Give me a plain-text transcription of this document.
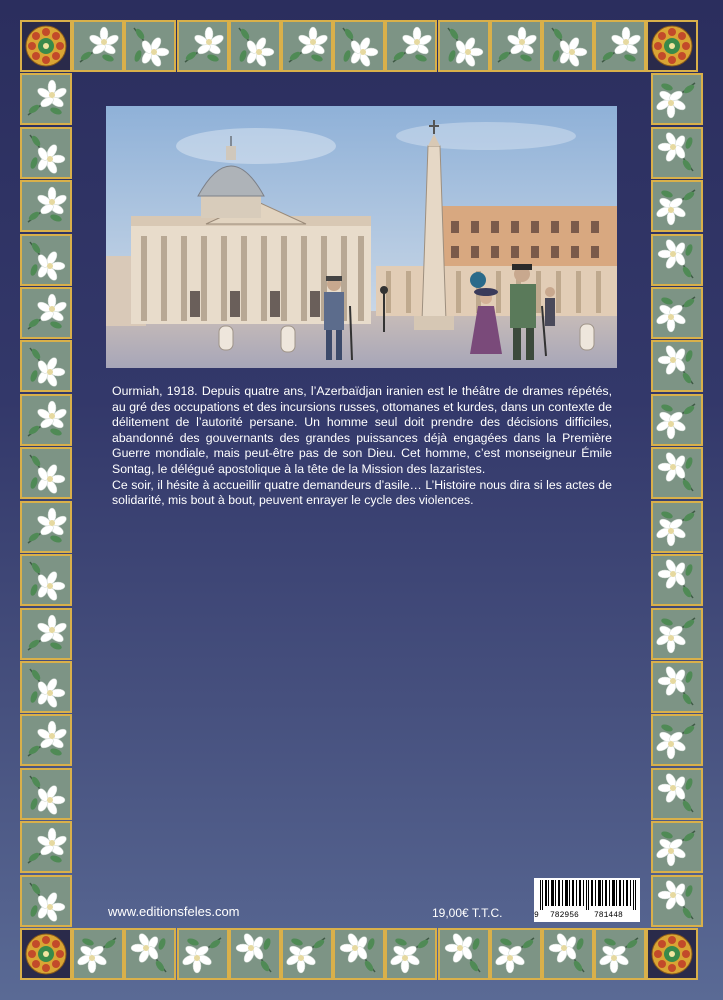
Ourmiah, 1918. Depuis quatre ans, l’Azerbaïdjan iranien est le théâtre de drames répétés, au gré des occupations et des incursions russes, ottomanes et kurdes, dans un contexte de délitement de l’autorité persane. Un homme seul doit prendre des décisions difficiles, abandonné des gouvernants des grandes puissances déjà engagées dans la Première Guerre mondiale, mais peut-être pas de son Dieu. Cet homme, c’est monseigneur Émile Sontag, le délégué apostolique à la tête de la Mission des lazaristes.

Ce soir, il hésite à accueillir quatre demandeurs d’asile… L’Histoire nous dira si les actes de solidarité, mis bout à bout, peuvent enrayer le cycle des violences.

www.editionsfeles.com	19,00€ T.T.C.	9 782956 781448
